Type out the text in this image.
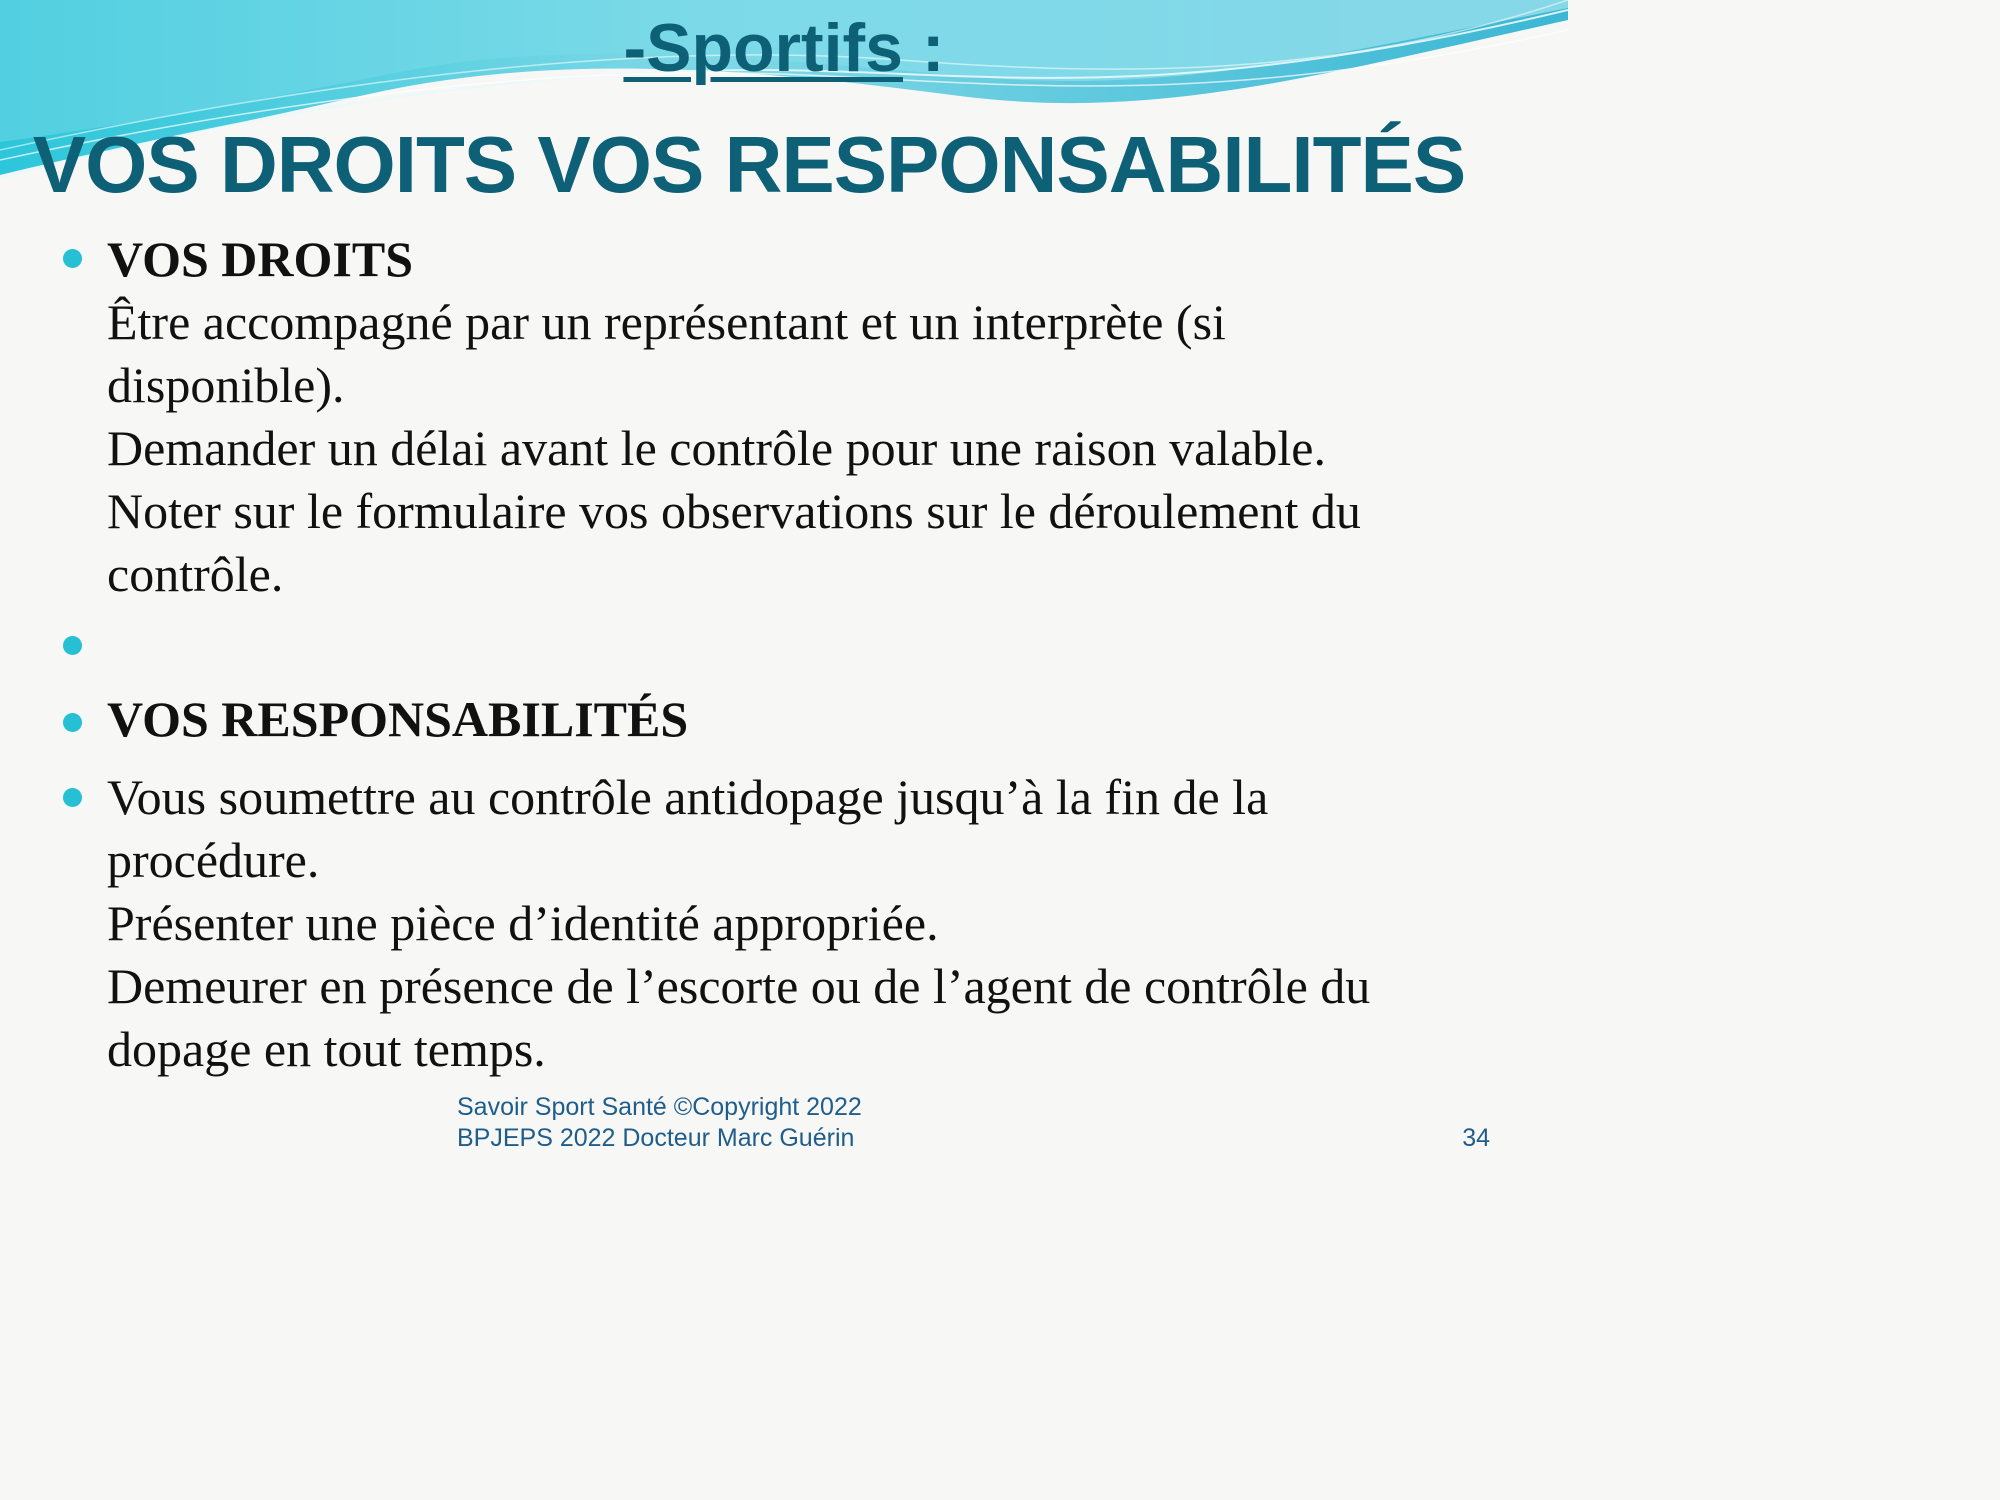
-Sportifs :
VOS DROITS VOS RESPONSABILITÉS
VOS DROITS
Être accompagné par un représentant et un interprète (si
disponible).
Demander un délai avant le contrôle pour une raison valable.
Noter sur le formulaire vos observations sur le déroulement du
contrôle.
VOS RESPONSABILITÉS
Vous soumettre au contrôle antidopage jusqu’à la fin de la
procédure.
Présenter une pièce d’identité appropriée.
Demeurer en présence de l’escorte ou de l’agent de contrôle du
dopage en tout temps.
Savoir Sport Santé ©Copyright 2022
BPJEPS 2022 Docteur Marc Guérin	34
